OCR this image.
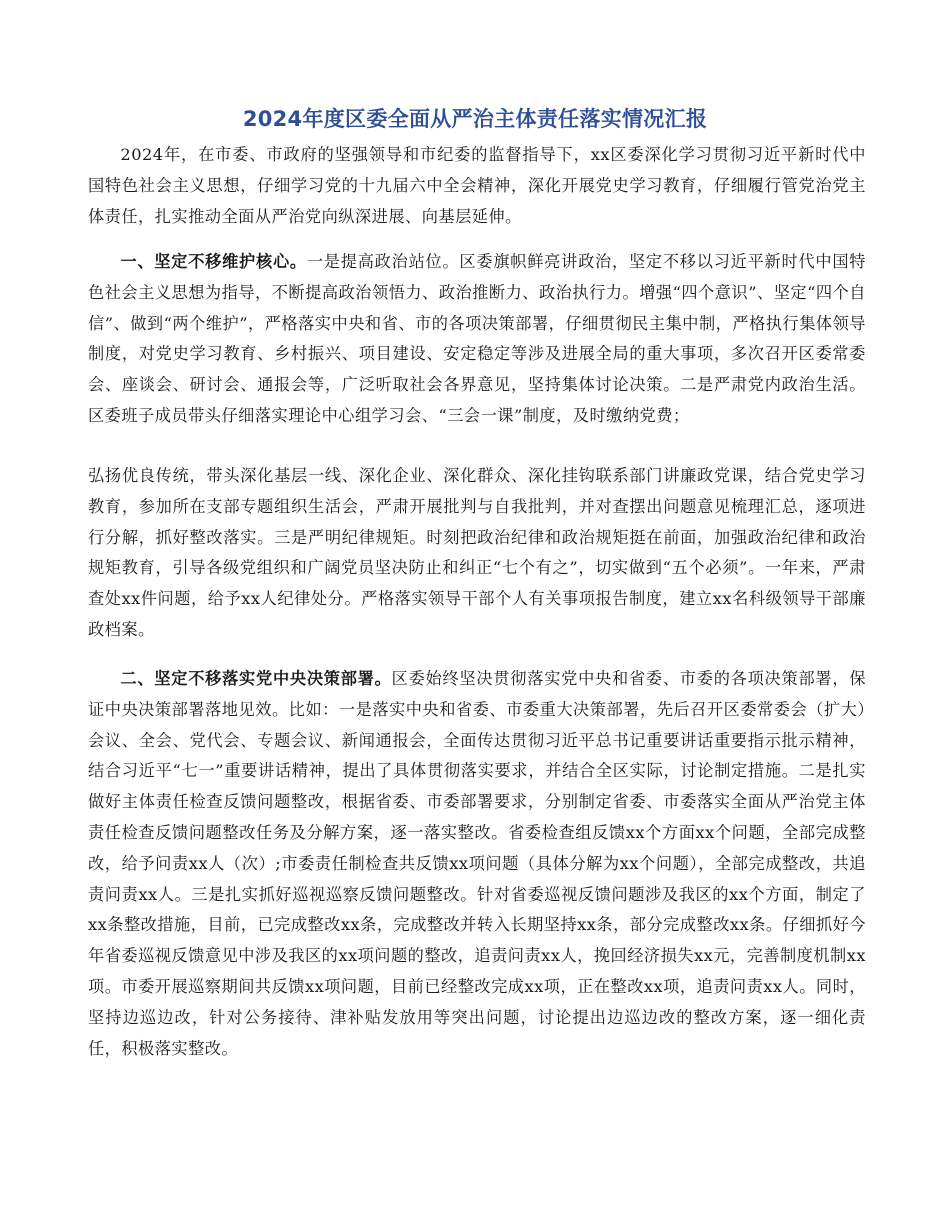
2024年度区委全面从严治主体责任落实情况汇报

2024年，在市委、市政府的坚强领导和市纪委的监督指导下，xx区委深化学习贯彻习近平新时代中国特色社会主义思想，仔细学习党的十九届六中全会精神，深化开展党史学习教育，仔细履行管党治党主体责任，扎实推动全面从严治党向纵深进展、向基层延伸。

一、坚定不移维护核心。一是提高政治站位。区委旗帜鲜亮讲政治，坚定不移以习近平新时代中国特色社会主义思想为指导，不断提高政治领悟力、政治推断力、政治执行力。增强“四个意识”、坚定“四个自信”、做到“两个维护”，严格落实中央和省、市的各项决策部署，仔细贯彻民主集中制，严格执行集体领导制度，对党史学习教育、乡村振兴、项目建设、安定稳定等涉及进展全局的重大事项，多次召开区委常委会、座谈会、研讨会、通报会等，广泛听取社会各界意见，坚持集体讨论决策。二是严肃党内政治生活。区委班子成员带头仔细落实理论中心组学习会、“三会一课”制度，及时缴纳党费；

弘扬优良传统，带头深化基层一线、深化企业、深化群众、深化挂钩联系部门讲廉政党课，结合党史学习教育，参加所在支部专题组织生活会，严肃开展批判与自我批判，并对查摆出问题意见梳理汇总，逐项进行分解，抓好整改落实。三是严明纪律规矩。时刻把政治纪律和政治规矩挺在前面，加强政治纪律和政治规矩教育，引导各级党组织和广阔党员坚决防止和纠正“七个有之”，切实做到“五个必须”。一年来，严肃查处xx件问题，给予xx人纪律处分。严格落实领导干部个人有关事项报告制度，建立xx名科级领导干部廉政档案。

二、坚定不移落实党中央决策部署。区委始终坚决贯彻落实党中央和省委、市委的各项决策部署，保证中央决策部署落地见效。比如：一是落实中央和省委、市委重大决策部署，先后召开区委常委会（扩大）会议、全会、党代会、专题会议、新闻通报会，全面传达贯彻习近平总书记重要讲话重要指示批示精神，结合习近平“七一”重要讲话精神，提出了具体贯彻落实要求，并结合全区实际，讨论制定措施。二是扎实做好主体责任检查反馈问题整改，根据省委、市委部署要求，分别制定省委、市委落实全面从严治党主体责任检查反馈问题整改任务及分解方案，逐一落实整改。省委检查组反馈xx个方面xx个问题，全部完成整改，给予问责xx人（次）;市委责任制检查共反馈xx项问题（具体分解为xx个问题），全部完成整改，共追责问责xx人。三是扎实抓好巡视巡察反馈问题整改。针对省委巡视反馈问题涉及我区的xx个方面，制定了xx条整改措施，目前，已完成整改xx条，完成整改并转入长期坚持xx条，部分完成整改xx条。仔细抓好今年省委巡视反馈意见中涉及我区的xx项问题的整改，追责问责xx人，挽回经济损失xx元，完善制度机制xx项。市委开展巡察期间共反馈xx项问题，目前已经整改完成xx项，正在整改xx项，追责问责xx人。同时，坚持边巡边改，针对公务接待、津补贴发放用等突出问题，讨论提出边巡边改的整改方案，逐一细化责任，积极落实整改。
